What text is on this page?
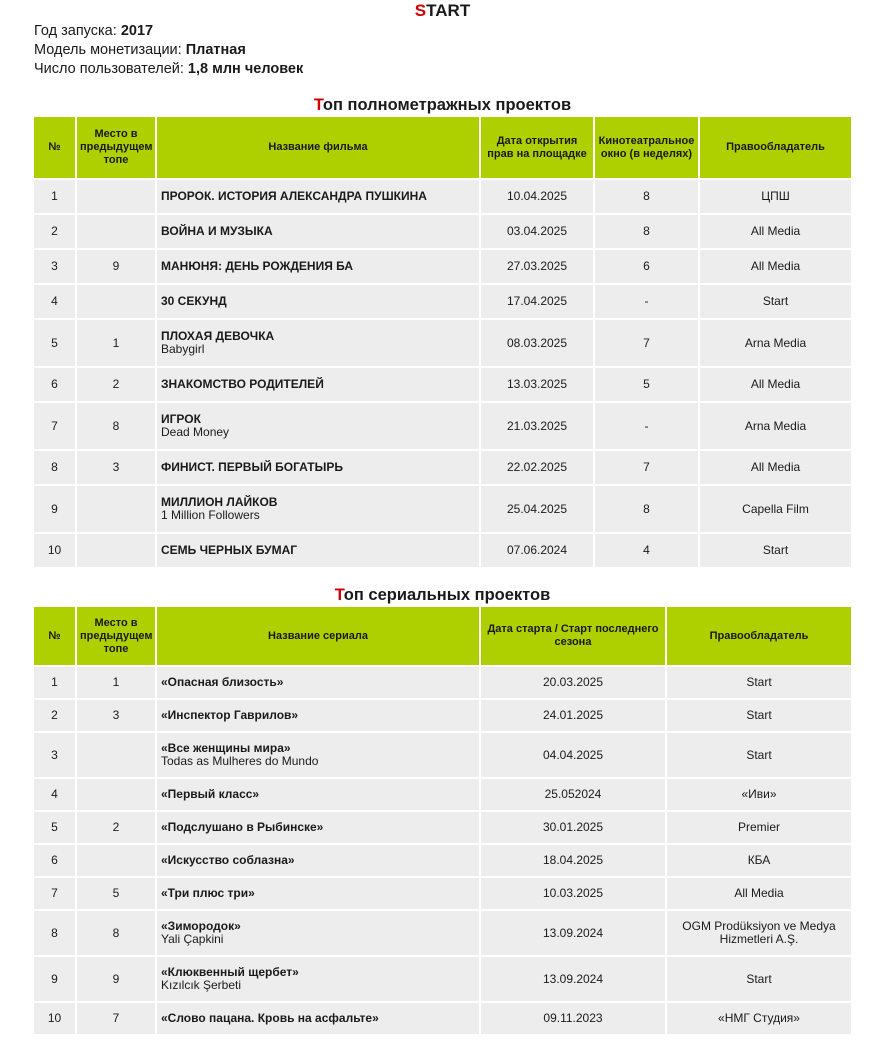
START
Год запуска: 2017
Модель монетизации: Платная
Число пользователей: 1,8 млн человек
Топ полнометражных проектов
№	Место в предыдущем топе	Название фильма	Дата открытия прав на площадке	Кинотеатральное окно (в неделях)	Правообладатель
1		ПРОРОК. ИСТОРИЯ АЛЕКСАНДРА ПУШКИНА	10.04.2025	8	ЦПШ
2		ВОЙНА И МУЗЫКА	03.04.2025	8	All Media
3	9	МАНЮНЯ: ДЕНЬ РОЖДЕНИЯ БА	27.03.2025	6	All Media
4		30 СЕКУНД	17.04.2025	-	Start
5	1	ПЛОХАЯ ДЕВОЧКА
Babygirl	08.03.2025	7	Arna Media
6	2	ЗНАКОМСТВО РОДИТЕЛЕЙ	13.03.2025	5	All Media
7	8	ИГРОК
Dead Money	21.03.2025	-	Arna Media
8	3	ФИНИСТ. ПЕРВЫЙ БОГАТЫРЬ	22.02.2025	7	All Media
9		МИЛЛИОН ЛАЙКОВ
1 Million Followers	25.04.2025	8	Capella Film
10		СЕМЬ ЧЕРНЫХ БУМАГ	07.06.2024	4	Start
Топ сериальных проектов
№	Место в предыдущем топе	Название сериала	Дата старта / Старт последнего сезона	Правообладатель
1	1	«Опасная близость»	20.03.2025	Start
2	3	«Инспектор Гаврилов»	24.01.2025	Start
3		«Все женщины мира»
Todas as Mulheres do Mundo	04.04.2025	Start
4		«Первый класс»	25.052024	«Иви»
5	2	«Подслушано в Рыбинске»	30.01.2025	Premier
6		«Искусство соблазна»	18.04.2025	КБА
7	5	«Три плюс три»	10.03.2025	All Media
8	8	«Зимородок»
Yali Çapkini	13.09.2024	OGM Prodüksiyon ve Medya Hizmetleri A.Ş.
9	9	«Клюквенный щербет»
Kızılcık Şerbeti	13.09.2024	Start
10	7	«Слово пацана. Кровь на асфальте»	09.11.2023	«НМГ Студия»
